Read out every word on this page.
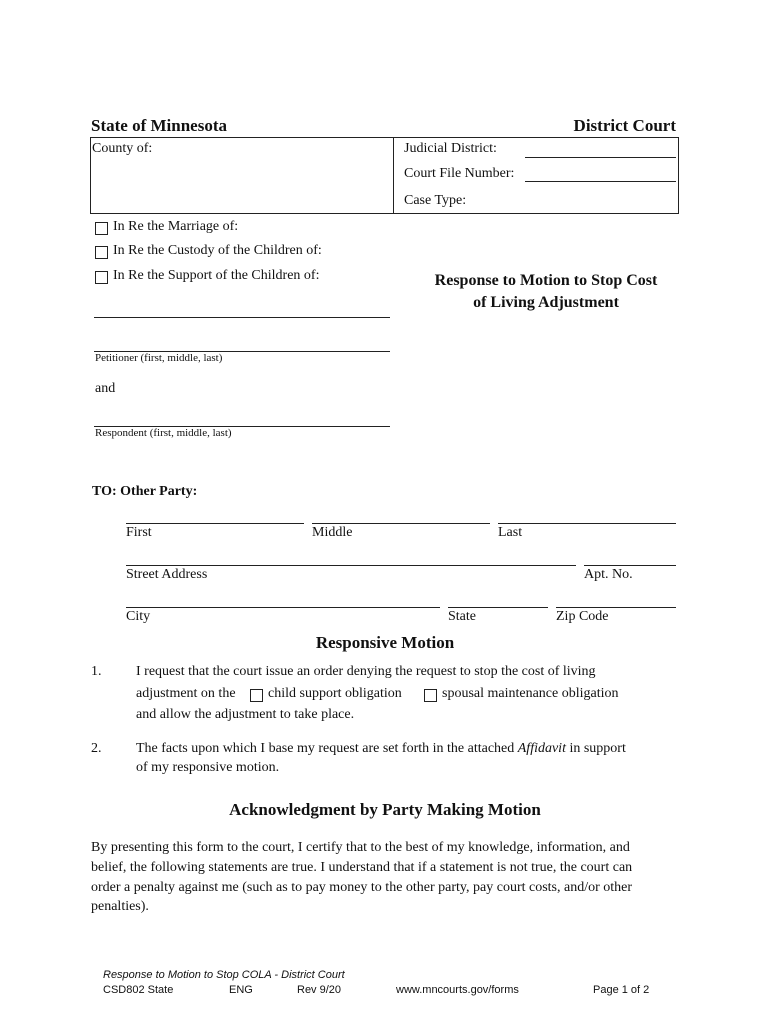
State of Minnesota	District Court
County of:	Judicial District:
Court File Number:
Case Type:
In Re the Marriage of:
In Re the Custody of the Children of:
In Re the Support of the Children of:	Response to Motion to Stop Cost
of Living Adjustment
Petitioner (first, middle, last)
and
Respondent (first, middle, last)
TO: Other Party:
First	Middle	Last
Street Address	Apt. No.
City	State	Zip Code
Responsive Motion
1. I request that the court issue an order denying the request to stop the cost of living
adjustment on the child support obligation	spousal maintenance obligation
and allow the adjustment to take place.
2. The facts upon which I base my request are set forth in the attached Affidavit in support
of my responsive motion.
Acknowledgment by Party Making Motion
By presenting this form to the court, I certify that to the best of my knowledge, information, and
belief, the following statements are true. I understand that if a statement is not true, the court can
order a penalty against me (such as to pay money to the other party, pay court costs, and/or other
penalties).
Response to Motion to Stop COLA - District Court
CSD802 State	ENG	Rev 9/20	www.mncourts.gov/forms	Page 1 of 2
